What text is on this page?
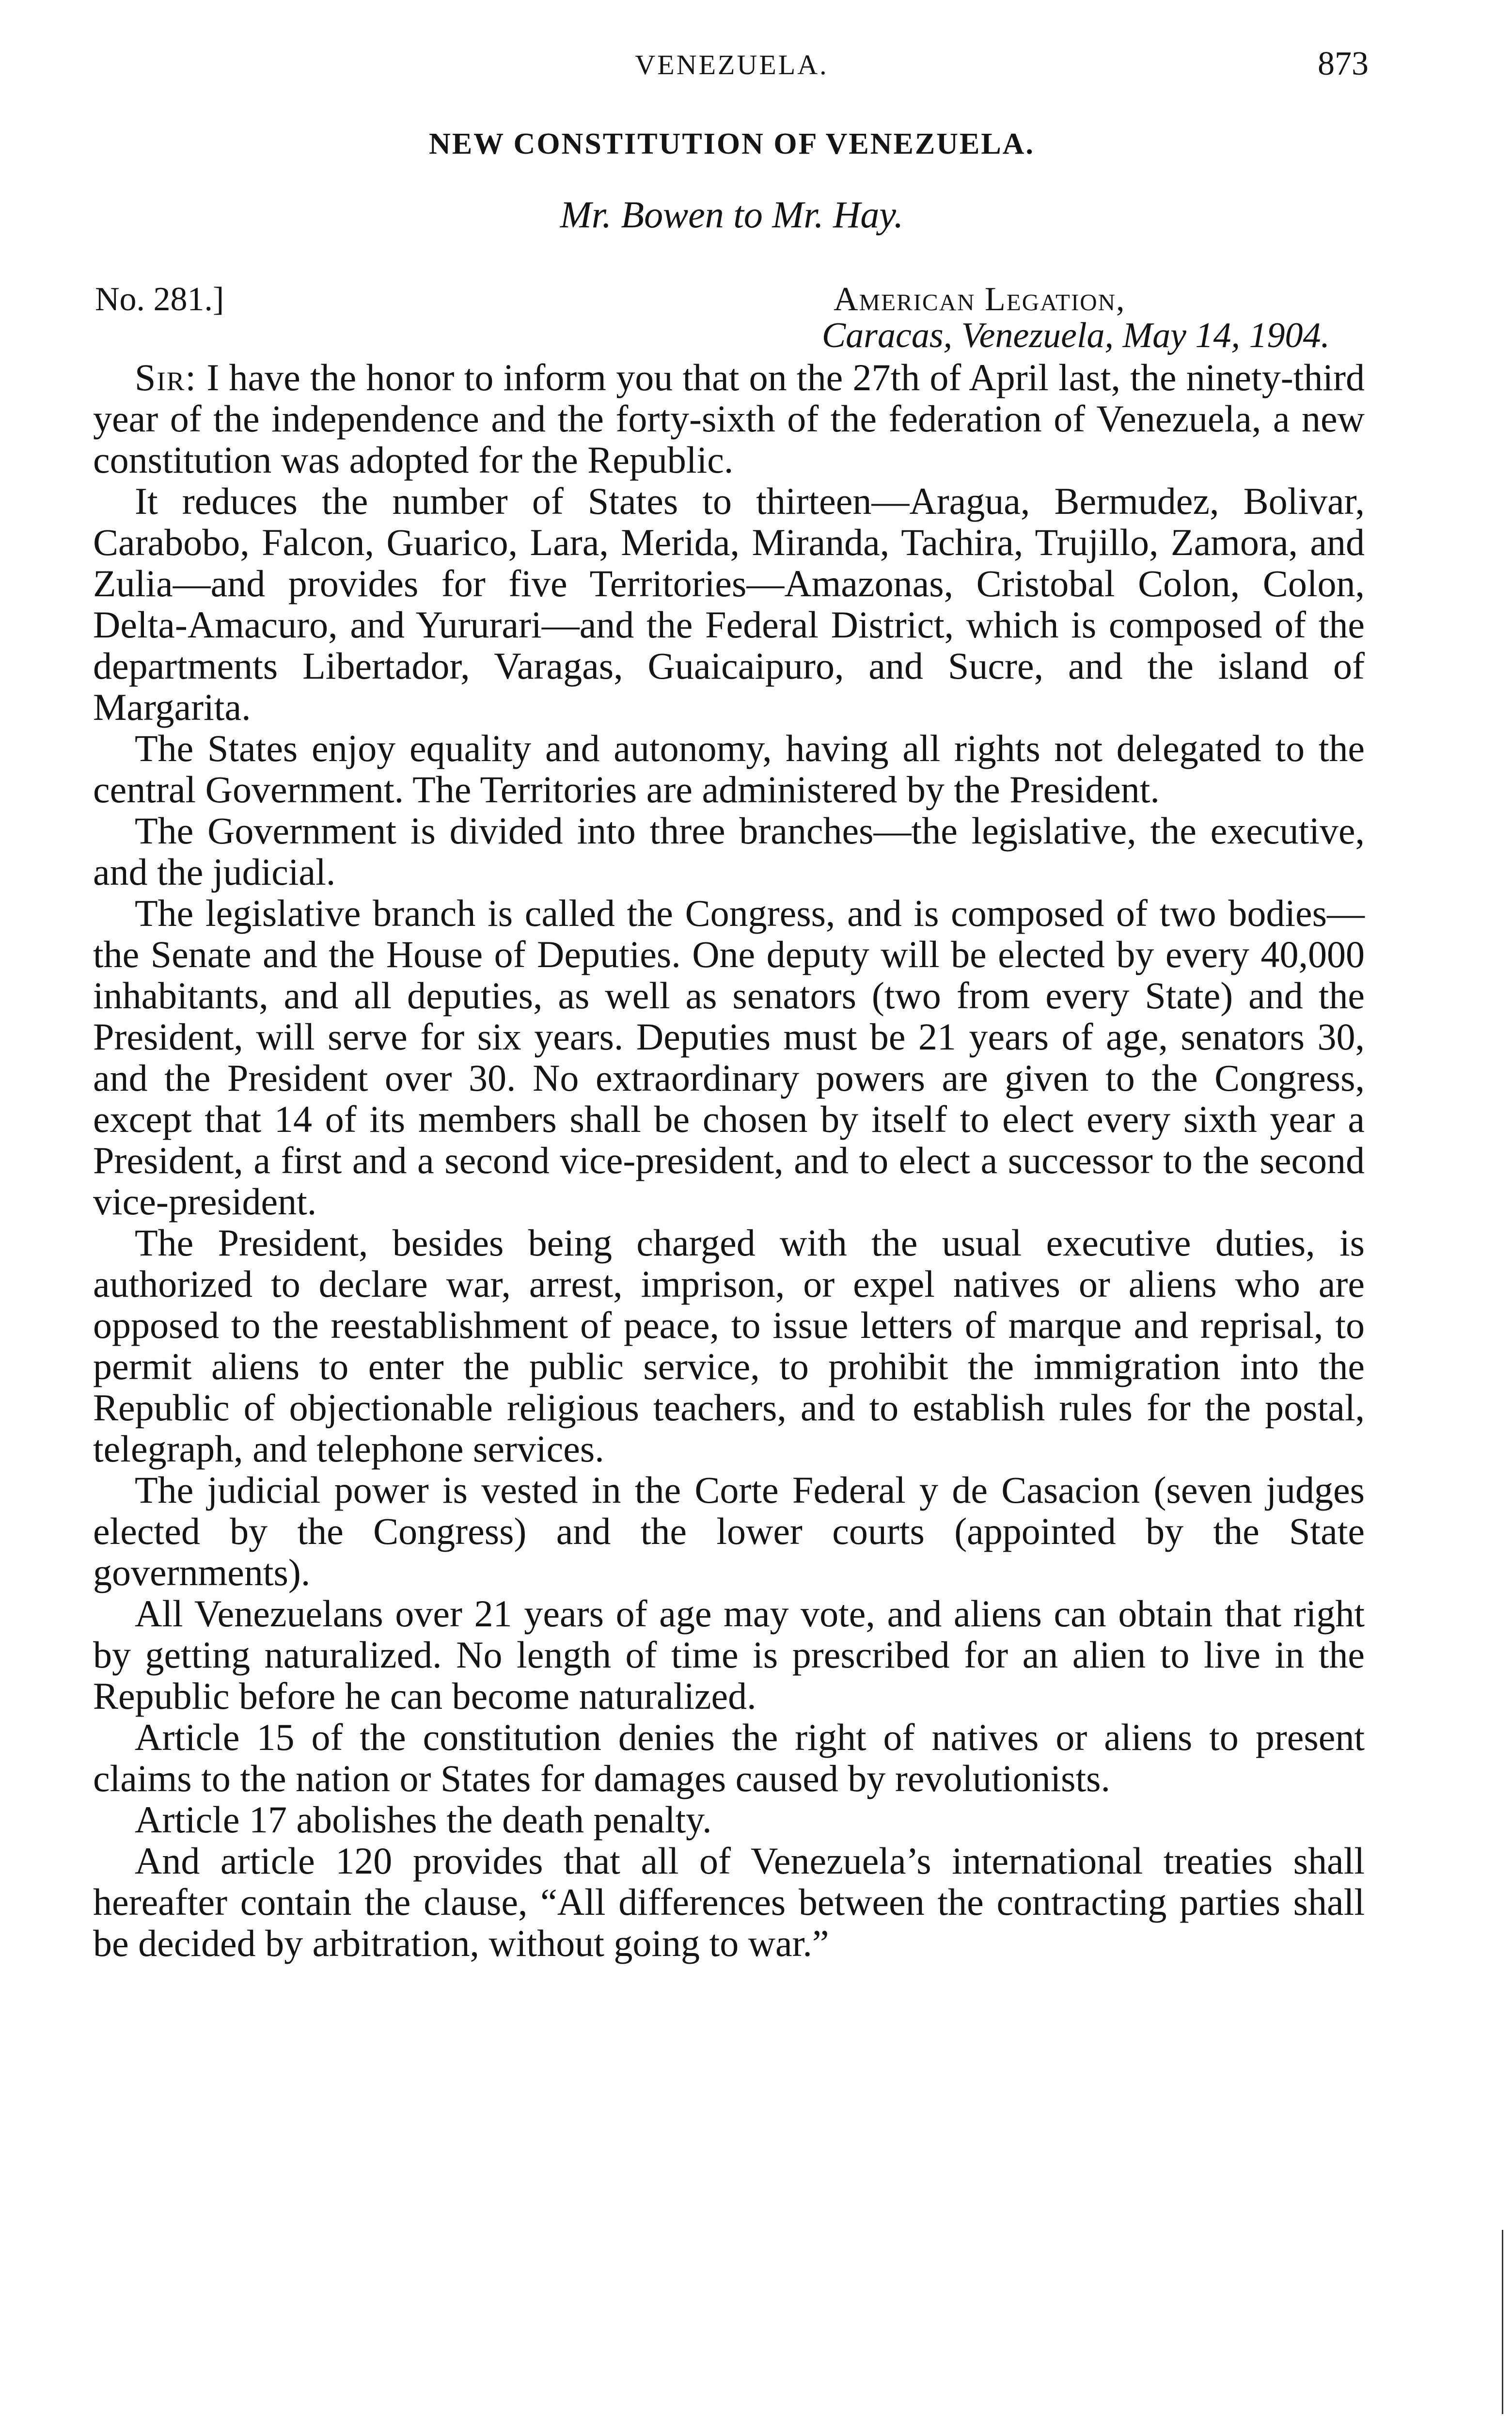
VENEZUELA.	873
NEW CONSTITUTION OF VENEZUELA.
Mr. Bowen to Mr. Hay.
No. 281.]	American Legation,
Caracas, Venezuela, May 14, 1904.

Sir: I have the honor to inform you that on the 27th of April last, the ninety-third year of the independence and the forty-sixth of the federation of Venezuela, a new constitution was adopted for the Republic.

It reduces the number of States to thirteen—Aragua, Bermudez, Bolivar, Carabobo, Falcon, Guarico, Lara, Merida, Miranda, Tachira, Trujillo, Zamora, and Zulia—and provides for five Territories—Amazonas, Cristobal Colon, Colon, Delta-Amacuro, and Yururari—and the Federal District, which is composed of the departments Libertador, Varagas, Guaicaipuro, and Sucre, and the island of Margarita.

The States enjoy equality and autonomy, having all rights not delegated to the central Government. The Territories are administered by the President.

The Government is divided into three branches—the legislative, the executive, and the judicial.

The legislative branch is called the Congress, and is composed of two bodies—the Senate and the House of Deputies. One deputy will be elected by every 40,000 inhabitants, and all deputies, as well as senators (two from every State) and the President, will serve for six years. Deputies must be 21 years of age, senators 30, and the President over 30. No extraordinary powers are given to the Congress, except that 14 of its members shall be chosen by itself to elect every sixth year a President, a first and a second vice-president, and to elect a successor to the second vice-president.

The President, besides being charged with the usual executive duties, is authorized to declare war, arrest, imprison, or expel natives or aliens who are opposed to the reestablishment of peace, to issue letters of marque and reprisal, to permit aliens to enter the public service, to prohibit the immigration into the Republic of objectionable religious teachers, and to establish rules for the postal, telegraph, and telephone services.

The judicial power is vested in the Corte Federal y de Casacion (seven judges elected by the Congress) and the lower courts (appointed by the State governments).

All Venezuelans over 21 years of age may vote, and aliens can obtain that right by getting naturalized. No length of time is prescribed for an alien to live in the Republic before he can become naturalized.

Article 15 of the constitution denies the right of natives or aliens to present claims to the nation or States for damages caused by revolutionists.

Article 17 abolishes the death penalty.

And article 120 provides that all of Venezuela’s international treaties shall hereafter contain the clause, “All differences between the contracting parties shall be decided by arbitration, without going to war.”
